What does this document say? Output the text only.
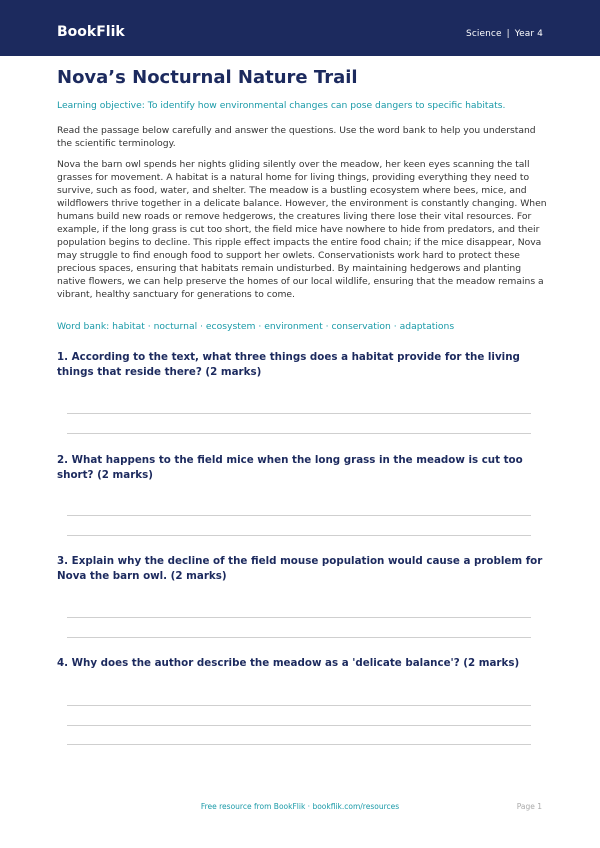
BookFlik	Science | Year 4
Nova’s Nocturnal Nature Trail

Learning objective: To identify how environmental changes can pose dangers to specific habitats.

Read the passage below carefully and answer the questions. Use the word bank to help you understand the scientific terminology.

Nova the barn owl spends her nights gliding silently over the meadow, her keen eyes scanning the tall grasses for movement. A habitat is a natural home for living things, providing everything they need to survive, such as food, water, and shelter. The meadow is a bustling ecosystem where bees, mice, and wildflowers thrive together in a delicate balance. However, the environment is constantly changing. When humans build new roads or remove hedgerows, the creatures living there lose their vital resources. For example, if the long grass is cut too short, the field mice have nowhere to hide from predators, and their population begins to decline. This ripple effect impacts the entire food chain; if the mice disappear, Nova may struggle to find enough food to support her owlets. Conservationists work hard to protect these precious spaces, ensuring that habitats remain undisturbed. By maintaining hedgerows and planting native flowers, we can help preserve the homes of our local wildlife, ensuring that the meadow remains a vibrant, healthy sanctuary for generations to come.

Word bank: habitat · nocturnal · ecosystem · environment · conservation · adaptations

1. According to the text, what three things does a habitat provide for the living things that reside there? (2 marks)

2. What happens to the field mice when the long grass in the meadow is cut too short? (2 marks)

3. Explain why the decline of the field mouse population would cause a problem for Nova the barn owl. (2 marks)

4. Why does the author describe the meadow as a 'delicate balance'? (2 marks)

Free resource from BookFlik · bookflik.com/resources	Page 1
